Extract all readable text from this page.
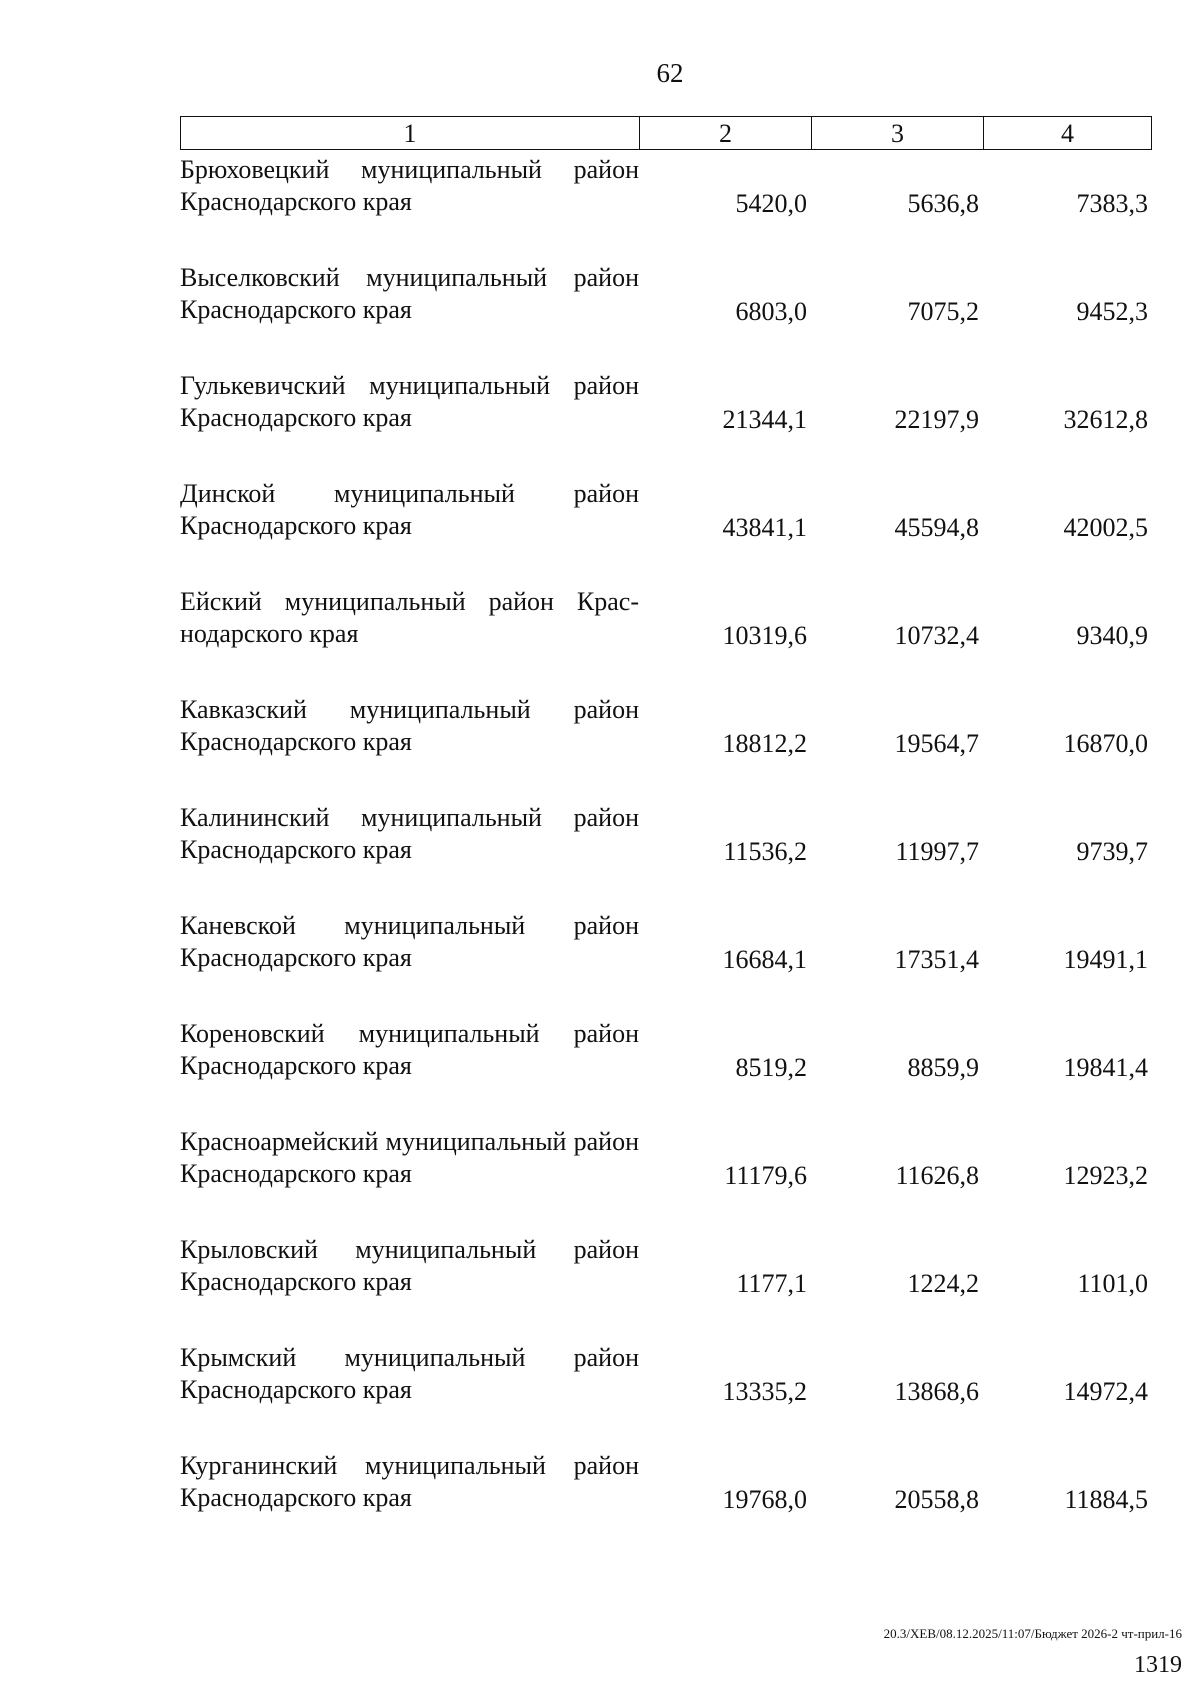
62
1	2	3	4
Брюховецкий муниципальный район Краснодарского края	5420,0	5636,8	7383,3
Выселковский муниципальный район Краснодарского края	6803,0	7075,2	9452,3
Гулькевичский муниципальный район Краснодарского края	21344,1	22197,9	32612,8
Динской муниципальный район Краснодарского края	43841,1	45594,8	42002,5
Ейский муниципальный район Крас-нодарского края	10319,6	10732,4	9340,9
Кавказский муниципальный район Краснодарского края	18812,2	19564,7	16870,0
Калининский муниципальный район Краснодарского края	11536,2	11997,7	9739,7
Каневской муниципальный район Краснодарского края	16684,1	17351,4	19491,1
Кореновский муниципальный район Краснодарского края	8519,2	8859,9	19841,4
Красноармейский муниципальный район Краснодарского края	11179,6	11626,8	12923,2
Крыловский муниципальный район Краснодарского края	1177,1	1224,2	1101,0
Крымский муниципальный район Краснодарского края	13335,2	13868,6	14972,4
Курганинский муниципальный район Краснодарского края	19768,0	20558,8	11884,5
20.3/ХЕВ/08.12.2025/11:07/Бюджет 2026-2 чт-прил-16
1319
